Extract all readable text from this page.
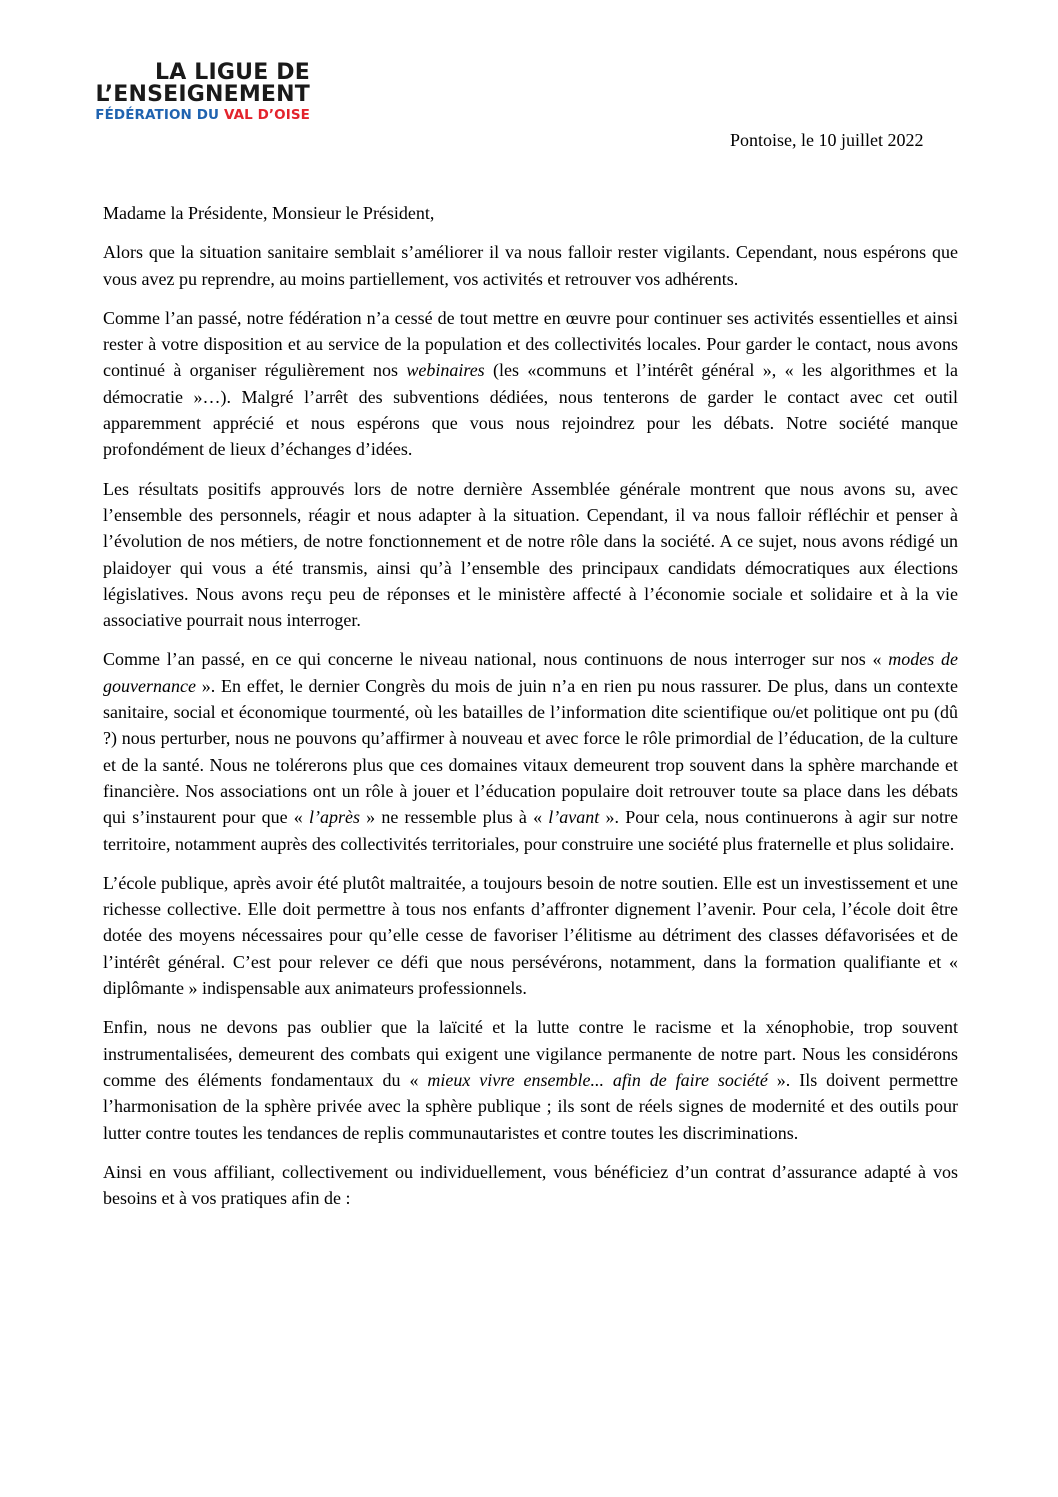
LA LIGUE DE
L’ENSEIGNEMENT
FÉDÉRATION DU VAL D’OISE
Pontoise, le 10 juillet 2022

Madame la Présidente, Monsieur le Président,

Alors que la situation sanitaire semblait s’améliorer il va nous falloir rester vigilants. Cependant, nous espérons que vous avez pu reprendre, au moins partiellement, vos activités et retrouver vos adhérents.

Comme l’an passé, notre fédération n’a cessé de tout mettre en œuvre pour continuer ses activités essentielles et ainsi rester à votre disposition et au service de la population et des collectivités locales. Pour garder le contact, nous avons continué à organiser régulièrement nos webinaires (les «communs et l’intérêt général », « les algorithmes et la démocratie »…). Malgré l’arrêt des subventions dédiées, nous tenterons de garder le contact avec cet outil apparemment apprécié et nous espérons que vous nous rejoindrez pour les débats. Notre société manque profondément de lieux d’échanges d’idées.

Les résultats positifs approuvés lors de notre dernière Assemblée générale montrent que nous avons su, avec l’ensemble des personnels, réagir et nous adapter à la situation. Cependant, il va nous falloir réfléchir et penser à l’évolution de nos métiers, de notre fonctionnement et de notre rôle dans la société. A ce sujet, nous avons rédigé un plaidoyer qui vous a été transmis, ainsi qu’à l’ensemble des principaux candidats démocratiques aux élections législatives. Nous avons reçu peu de réponses et le ministère affecté à l’économie sociale et solidaire et à la vie associative pourrait nous interroger.

Comme l’an passé, en ce qui concerne le niveau national, nous continuons de nous interroger sur nos « modes de gouvernance ». En effet, le dernier Congrès du mois de juin n’a en rien pu nous rassurer. De plus, dans un contexte sanitaire, social et économique tourmenté, où les batailles de l’information dite scientifique ou/et politique ont pu (dû ?) nous perturber, nous ne pouvons qu’affirmer à nouveau et avec force le rôle primordial de l’éducation, de la culture et de la santé. Nous ne tolérerons plus que ces domaines vitaux demeurent trop souvent dans la sphère marchande et financière. Nos associations ont un rôle à jouer et l’éducation populaire doit retrouver toute sa place dans les débats qui s’instaurent pour que « l’après » ne ressemble plus à « l’avant ». Pour cela, nous continuerons à agir sur notre territoire, notamment auprès des collectivités territoriales, pour construire une société plus fraternelle et plus solidaire.

L’école publique, après avoir été plutôt maltraitée, a toujours besoin de notre soutien. Elle est un investissement et une richesse collective. Elle doit permettre à tous nos enfants d’affronter dignement l’avenir. Pour cela, l’école doit être dotée des moyens nécessaires pour qu’elle cesse de favoriser l’élitisme au détriment des classes défavorisées et de l’intérêt général. C’est pour relever ce défi que nous persévérons, notamment, dans la formation qualifiante et « diplômante » indispensable aux animateurs professionnels.

Enfin, nous ne devons pas oublier que la laïcité et la lutte contre le racisme et la xénophobie, trop souvent instrumentalisées, demeurent des combats qui exigent une vigilance permanente de notre part. Nous les considérons comme des éléments fondamentaux du « mieux vivre ensemble... afin de faire société ». Ils doivent permettre l’harmonisation de la sphère privée avec la sphère publique ; ils sont de réels signes de modernité et des outils pour lutter contre toutes les tendances de replis communautaristes et contre toutes les discriminations.

Ainsi en vous affiliant, collectivement ou individuellement, vous bénéficiez d’un contrat d’assurance adapté à vos besoins et à vos pratiques afin de :
